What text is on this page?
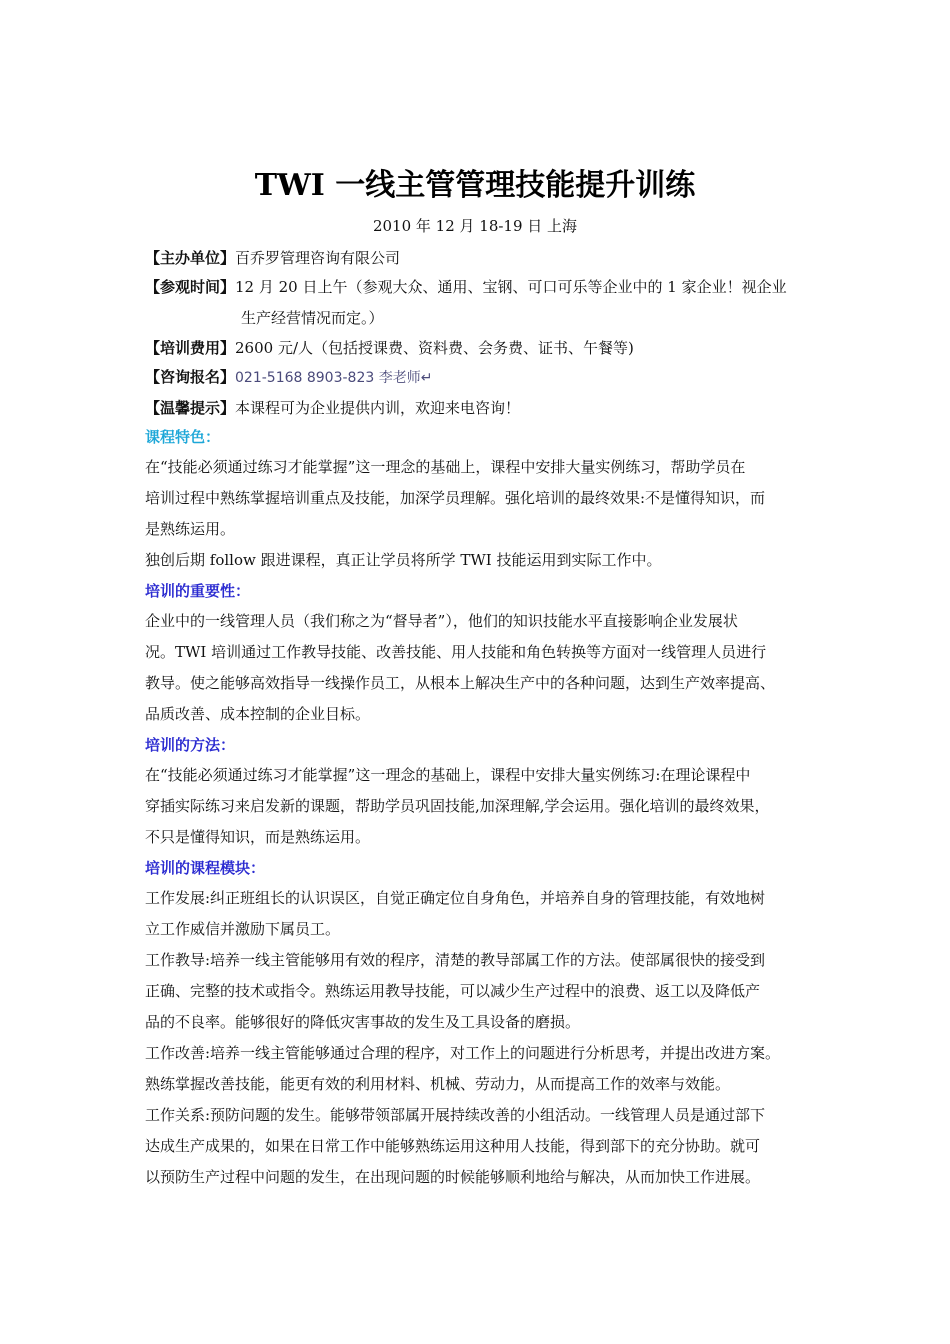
TWI 一线主管管理技能提升训练
2010 年 12 月 18-19 日 上海
【主办单位】百乔罗管理咨询有限公司
【参观时间】12 月 20 日上午（参观大众、通用、宝钢、可口可乐等企业中的 1 家企业！视企业
生产经营情况而定。）
【培训费用】2600 元/人（包括授课费、资料费、会务费、证书、午餐等)
【咨询报名】021-5168 8903-823 李老师↵
【温馨提示】本课程可为企业提供内训，欢迎来电咨询！
课程特色：
在“技能必须通过练习才能掌握”这一理念的基础上，课程中安排大量实例练习，帮助学员在
培训过程中熟练掌握培训重点及技能，加深学员理解。强化培训的最终效果:不是懂得知识，而
是熟练运用。
独创后期 follow 跟进课程，真正让学员将所学 TWI 技能运用到实际工作中。
培训的重要性：
企业中的一线管理人员（我们称之为“督导者”），他们的知识技能水平直接影响企业发展状
况。TWI 培训通过工作教导技能、改善技能、用人技能和角色转换等方面对一线管理人员进行
教导。使之能够高效指导一线操作员工，从根本上解决生产中的各种问题，达到生产效率提高、
品质改善、成本控制的企业目标。
培训的方法：
在“技能必须通过练习才能掌握”这一理念的基础上，课程中安排大量实例练习:在理论课程中
穿插实际练习来启发新的课题，帮助学员巩固技能,加深理解,学会运用。强化培训的最终效果，
不只是懂得知识，而是熟练运用。
培训的课程模块：
工作发展:纠正班组长的认识误区，自觉正确定位自身角色，并培养自身的管理技能，有效地树
立工作威信并激励下属员工。
工作教导:培养一线主管能够用有效的程序，清楚的教导部属工作的方法。使部属很快的接受到
正确、完整的技术或指令。熟练运用教导技能，可以减少生产过程中的浪费、返工以及降低产
品的不良率。能够很好的降低灾害事故的发生及工具设备的磨损。
工作改善:培养一线主管能够通过合理的程序，对工作上的问题进行分析思考，并提出改进方案。
熟练掌握改善技能，能更有效的利用材料、机械、劳动力，从而提高工作的效率与效能。
工作关系:预防问题的发生。能够带领部属开展持续改善的小组活动。一线管理人员是通过部下
达成生产成果的，如果在日常工作中能够熟练运用这种用人技能，得到部下的充分协助。就可
以预防生产过程中问题的发生，在出现问题的时候能够顺利地给与解决，从而加快工作进展。
